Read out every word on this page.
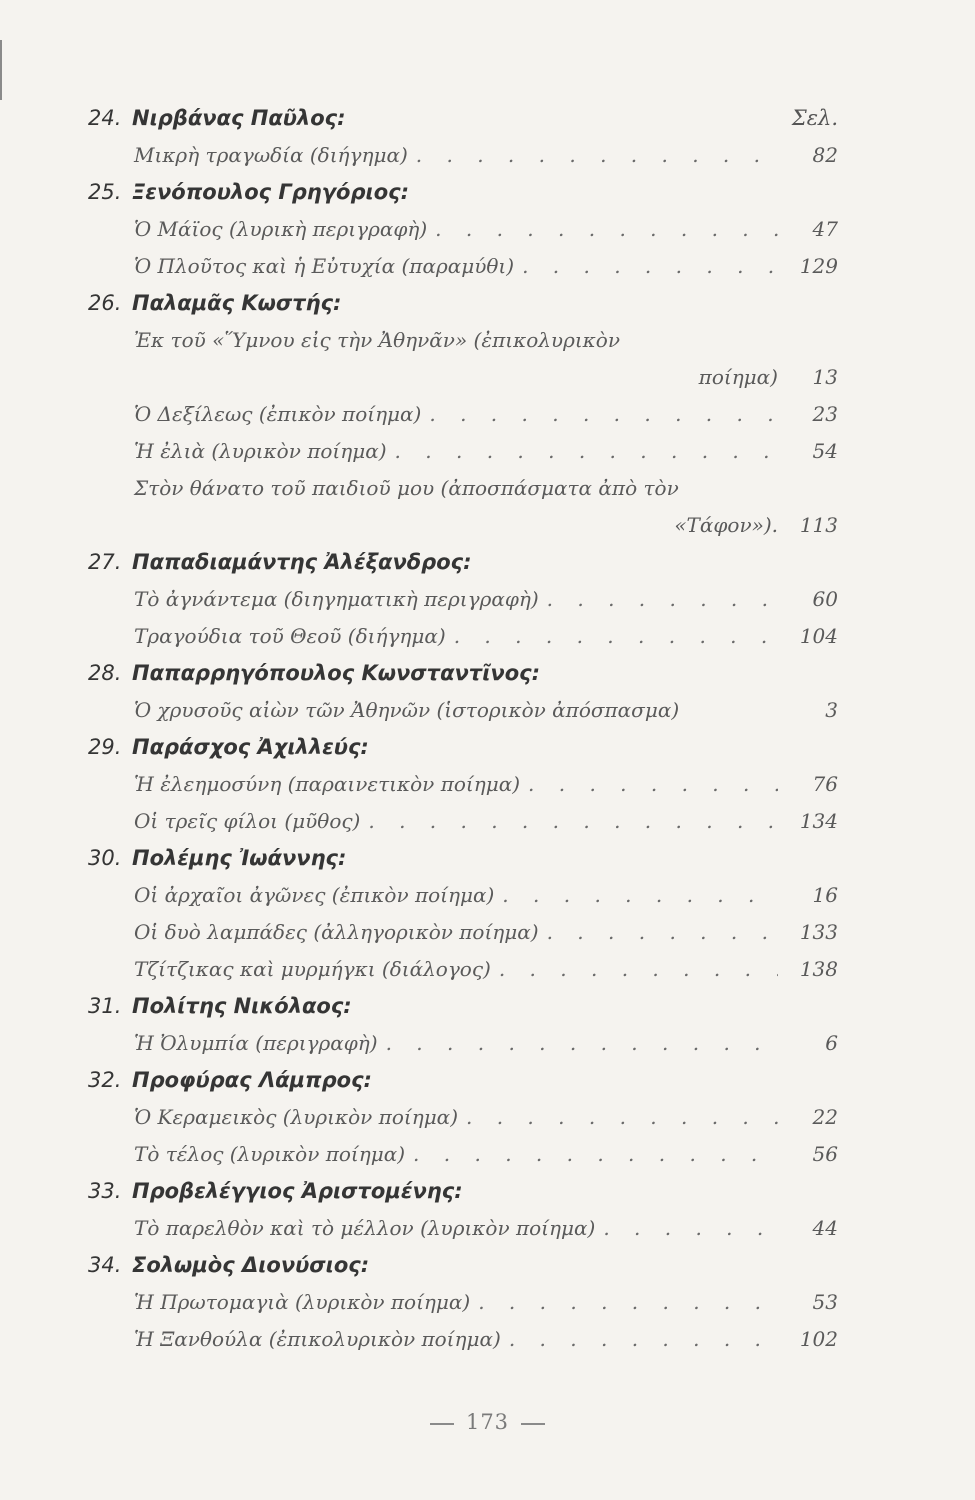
24. Νιρβάνας Παῦλος:	Σελ.
Μικρὴ τραγωδία (διήγημα) . . .	82
25. Ξενόπουλος Γρηγόριος:
Ὁ Μάϊος (λυρικὴ περιγραφὴ) . . .	47
Ὁ Πλοῦτος καὶ ἡ Εὐτυχία (παραμύθι) . . .	129
26. Παλαμᾶς Κωστής:
Ἐκ τοῦ «Ὕμνου εἰς τὴν Ἀθηνᾶν» (ἐπικολυρικὸν
ποίημα) 13
Ὁ Δεξίλεως (ἐπικὸν ποίημα) . . .	23
Ἡ ἐλιὰ (λυρικὸν ποίημα) . . .	54
Στὸν θάνατο τοῦ παιδιοῦ μου (ἀποσπάσματα ἀπὸ τὸν
«Τάφον»). 113
27. Παπαδιαμάντης Ἀλέξανδρος:
Τὸ ἀγνάντεμα (διηγηματικὴ περιγραφὴ) . . .	60
Τραγούδια τοῦ Θεοῦ (διήγημα) . . .	104
28. Παπαρρηγόπουλος Κωνσταντῖνος:
Ὁ χρυσοῦς αἰὼν τῶν Ἀθηνῶν (ἱστορικὸν ἀπόσπασμα)	3
29. Παράσχος Ἀχιλλεύς:
Ἡ ἐλεημοσύνη (παραινετικὸν ποίημα) . . .	76
Οἱ τρεῖς φίλοι (μῦθος) . . .	134
30. Πολέμης Ἰωάννης:
Οἱ ἀρχαῖοι ἀγῶνες (ἐπικὸν ποίημα) . . .	16
Οἱ δυὸ λαμπάδες (ἀλληγορικὸν ποίημα) . . .	133
Τζίτζικας καὶ μυρμήγκι (διάλογος) . . .	138
31. Πολίτης Νικόλαος:
Ἡ Ὀλυμπία (περιγραφὴ) . . .	6
32. Προφύρας Λάμπρος:
Ὁ Κεραμεικὸς (λυρικὸν ποίημα) . . .	22
Τὸ τέλος (λυρικὸν ποίημα) . . .	56
33. Προβελέγγιος Ἀριστομένης:
Τὸ παρελθὸν καὶ τὸ μέλλον (λυρικὸν ποίημα) . . .	44
34. Σολωμὸς Διονύσιος:
Ἡ Πρωτομαγιὰ (λυρικὸν ποίημα) . . .	53
Ἡ Ξανθούλα (ἐπικολυρικὸν ποίημα) . . .	102
173
